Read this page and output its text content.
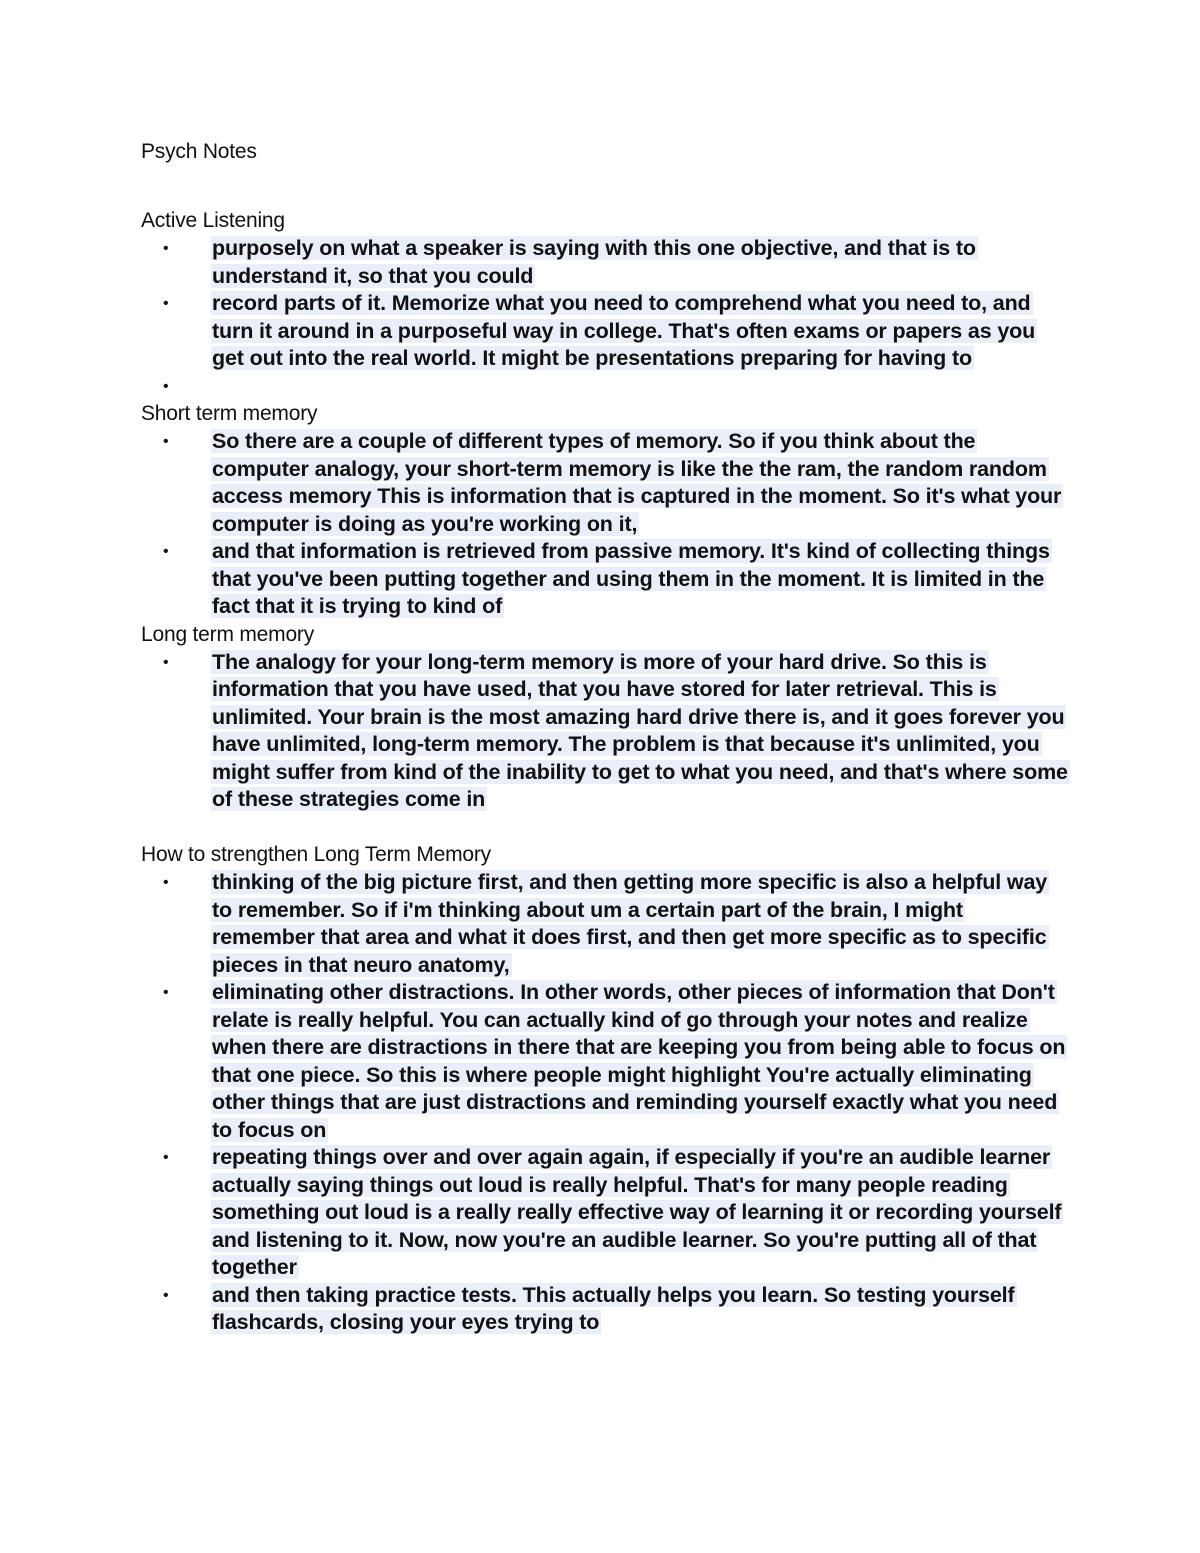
Psych Notes
Active Listening
• purposely on what a speaker is saying with this one objective, and that is to understand it, so that you could
• record parts of it. Memorize what you need to comprehend what you need to, and turn it around in a purposeful way in college. That's often exams or papers as you get out into the real world. It might be presentations preparing for having to
•
Short term memory
• So there are a couple of different types of memory. So if you think about the computer analogy, your short-term memory is like the the ram, the random random access memory This is information that is captured in the moment. So it's what your computer is doing as you're working on it,
• and that information is retrieved from passive memory. It's kind of collecting things that you've been putting together and using them in the moment. It is limited in the fact that it is trying to kind of
Long term memory
• The analogy for your long-term memory is more of your hard drive. So this is information that you have used, that you have stored for later retrieval. This is unlimited. Your brain is the most amazing hard drive there is, and it goes forever you have unlimited, long-term memory. The problem is that because it's unlimited, you might suffer from kind of the inability to get to what you need, and that's where some of these strategies come in
How to strengthen Long Term Memory
• thinking of the big picture first, and then getting more specific is also a helpful way to remember. So if i'm thinking about um a certain part of the brain, I might remember that area and what it does first, and then get more specific as to specific pieces in that neuro anatomy,
• eliminating other distractions. In other words, other pieces of information that Don't relate is really helpful. You can actually kind of go through your notes and realize when there are distractions in there that are keeping you from being able to focus on that one piece. So this is where people might highlight You're actually eliminating other things that are just distractions and reminding yourself exactly what you need to focus on
• repeating things over and over again again, if especially if you're an audible learner actually saying things out loud is really helpful. That's for many people reading something out loud is a really really effective way of learning it or recording yourself and listening to it. Now, now you're an audible learner. So you're putting all of that together
• and then taking practice tests. This actually helps you learn. So testing yourself flashcards, closing your eyes trying to
